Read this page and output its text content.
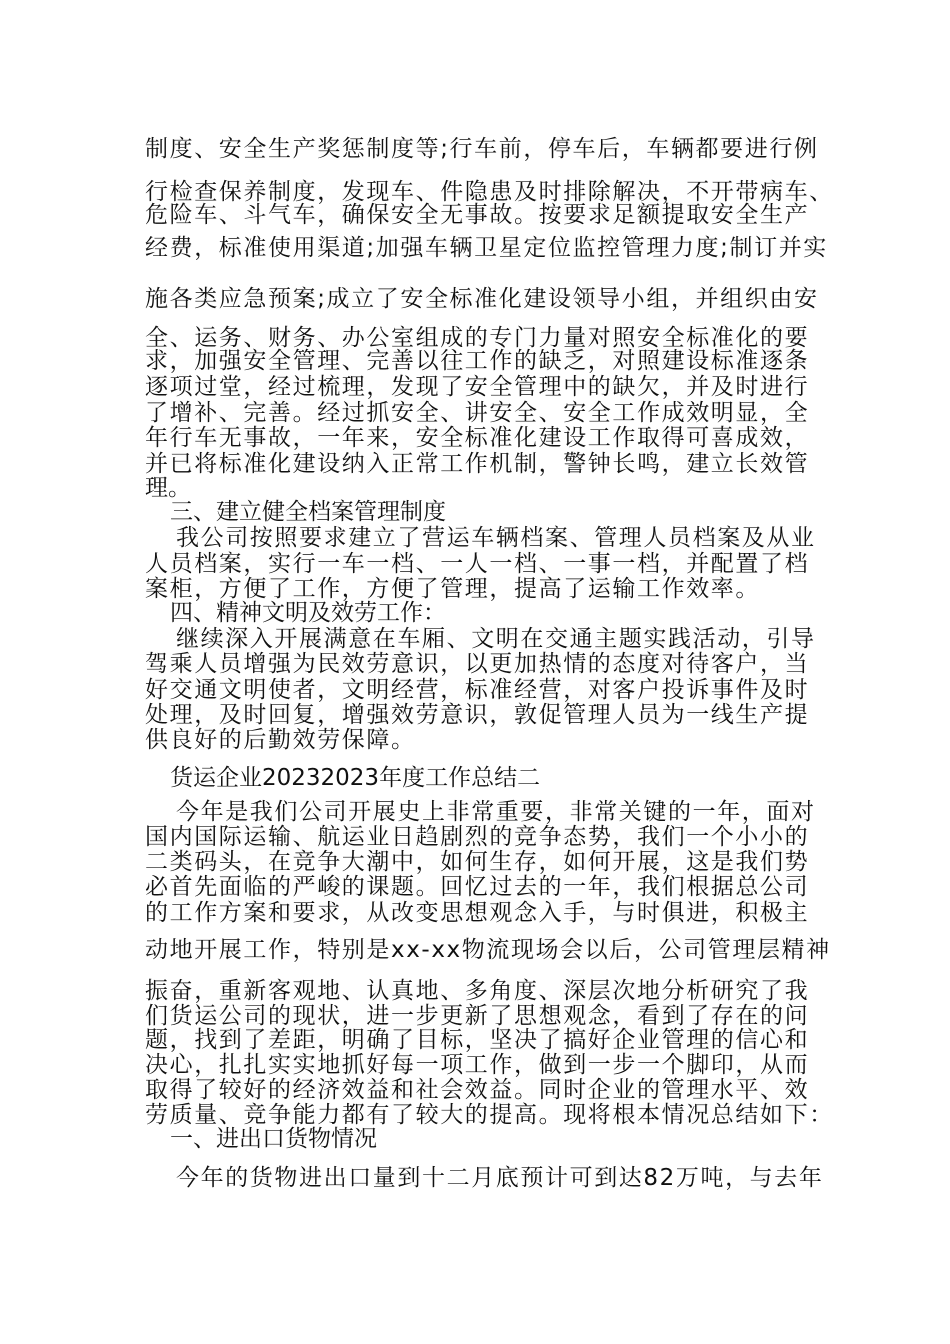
制度、安全生产奖惩制度等;行车前，停车后，车辆都要进行例

行检查保养制度，发现车、件隐患及时排除解决，不开带病车、

危险车、斗气车，确保安全无事故。按要求足额提取安全生产

经费，标准使用渠道;加强车辆卫星定位监控管理力度;制订并实

施各类应急预案;成立了安全标准化建设领导小组，并组织由安

全、运务、财务、办公室组成的专门力量对照安全标准化的要

求，加强安全管理、完善以往工作的缺乏，对照建设标准逐条

逐项过堂，经过梳理，发现了安全管理中的缺欠，并及时进行

了增补、完善。经过抓安全、讲安全、安全工作成效明显，全

年行车无事故，一年来，安全标准化建设工作取得可喜成效，

并已将标准化建设纳入正常工作机制，警钟长鸣，建立长效管

理。

三、建立健全档案管理制度

我公司按照要求建立了营运车辆档案、管理人员档案及从业

人员档案，实行一车一档、一人一档、一事一档，并配置了档

案柜，方便了工作，方便了管理，提高了运输工作效率。

四、精神文明及效劳工作：

继续深入开展满意在车厢、文明在交通主题实践活动，引导

驾乘人员增强为民效劳意识，以更加热情的态度对待客户，当

好交通文明使者，文明经营，标准经营，对客户投诉事件及时

处理，及时回复，增强效劳意识，敦促管理人员为一线生产提

供良好的后勤效劳保障。

货运企业20232023年度工作总结二

今年是我们公司开展史上非常重要，非常关键的一年，面对

国内国际运输、航运业日趋剧烈的竞争态势，我们一个小小的

二类码头，在竞争大潮中，如何生存，如何开展，这是我们势

必首先面临的严峻的课题。回忆过去的一年，我们根据总公司

的工作方案和要求，从改变思想观念入手，与时俱进，积极主

动地开展工作，特别是xx-xx物流现场会以后，公司管理层精神

振奋，重新客观地、认真地、多角度、深层次地分析研究了我

们货运公司的现状，进一步更新了思想观念，看到了存在的问

题，找到了差距，明确了目标，坚决了搞好企业管理的信心和

决心，扎扎实实地抓好每一项工作，做到一步一个脚印，从而

取得了较好的经济效益和社会效益。同时企业的管理水平、效

劳质量、竞争能力都有了较大的提高。现将根本情况总结如下：

一、进出口货物情况

今年的货物进出口量到十二月底预计可到达82万吨，与去年
